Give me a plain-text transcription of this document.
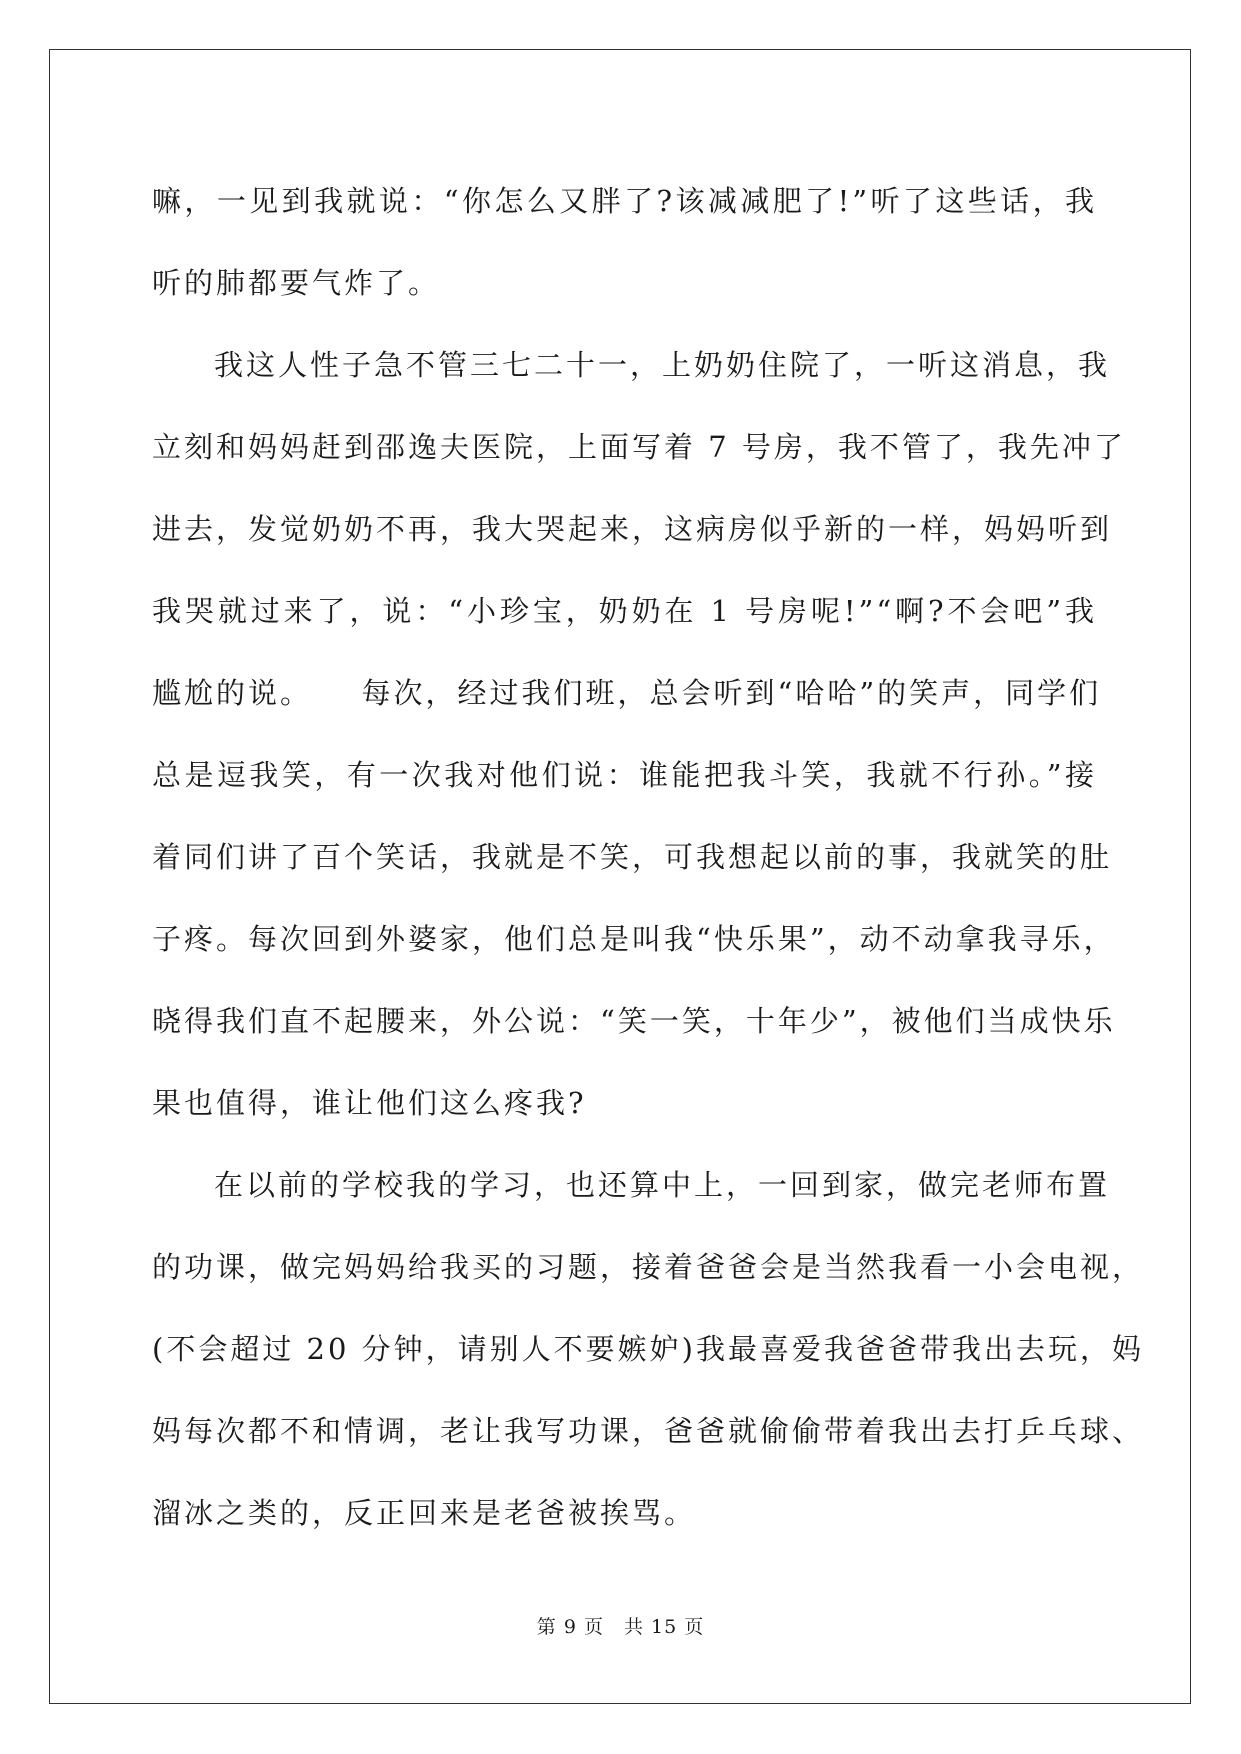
嘛，一见到我就说：“你怎么又胖了?该减减肥了!”听了这些话，我
听的肺都要气炸了。
我这人性子急不管三七二十一，上奶奶住院了，一听这消息，我
立刻和妈妈赶到邵逸夫医院，上面写着 7 号房，我不管了，我先冲了
进去，发觉奶奶不再，我大哭起来，这病房似乎新的一样，妈妈听到
我哭就过来了，说：“小珍宝，奶奶在 1 号房呢!”“啊?不会吧”我
尴尬的说。　　每次，经过我们班，总会听到“哈哈”的笑声，同学们
总是逗我笑，有一次我对他们说：谁能把我斗笑，我就不行孙。”接
着同们讲了百个笑话，我就是不笑，可我想起以前的事，我就笑的肚
子疼。每次回到外婆家，他们总是叫我“快乐果”，动不动拿我寻乐，
晓得我们直不起腰来，外公说：“笑一笑，十年少”，被他们当成快乐
果也值得，谁让他们这么疼我?
在以前的学校我的学习，也还算中上，一回到家，做完老师布置
的功课，做完妈妈给我买的习题，接着爸爸会是当然我看一小会电视，
(不会超过 20 分钟，请别人不要嫉妒)我最喜爱我爸爸带我出去玩，妈
妈每次都不和情调，老让我写功课，爸爸就偷偷带着我出去打乒乓球、
溜冰之类的，反正回来是老爸被挨骂。
第 9 页　共 15 页
